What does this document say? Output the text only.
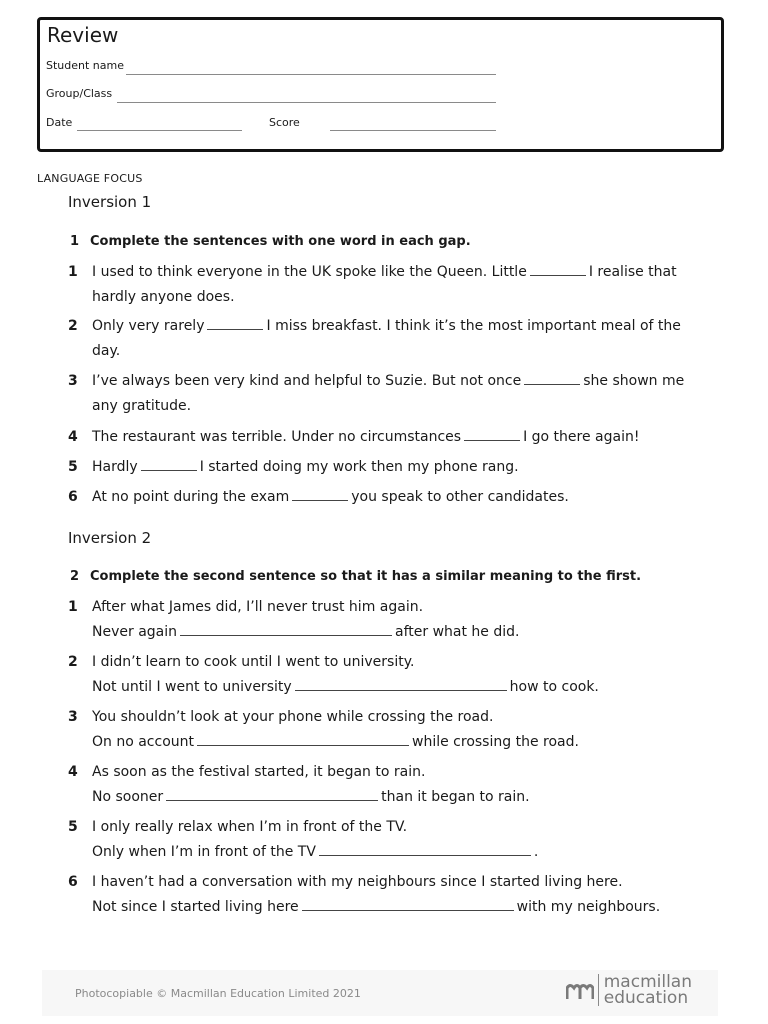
Review
Student name
Group/Class
Date	Score
LANGUAGE FOCUS
Inversion 1
1 Complete the sentences with one word in each gap.
1 I used to think everyone in the UK spoke like the Queen. Little	I realise that hardly anyone does.
2 Only very rarely	I miss breakfast. I think it’s the most important meal of the day.
3 I’ve always been very kind and helpful to Suzie. But not once	she shown me any gratitude.
4 The restaurant was terrible. Under no circumstances	I go there again!
5 Hardly	I started doing my work then my phone rang.
6 At no point during the exam	you speak to other candidates.
Inversion 2
2 Complete the second sentence so that it has a similar meaning to the first.
1 After what James did, I’ll never trust him again.
Never again	after what he did.
2 I didn’t learn to cook until I went to university.
Not until I went to university	how to cook.
3 You shouldn’t look at your phone while crossing the road.
On no account	while crossing the road.
4 As soon as the festival started, it began to rain.
No sooner	than it began to rain.
5 I only really relax when I’m in front of the TV.
Only when I’m in front of the TV	.
6 I haven’t had a conversation with my neighbours since I started living here.
Not since I started living here	with my neighbours.
Photocopiable © Macmillan Education Limited 2021
macmillan
education
